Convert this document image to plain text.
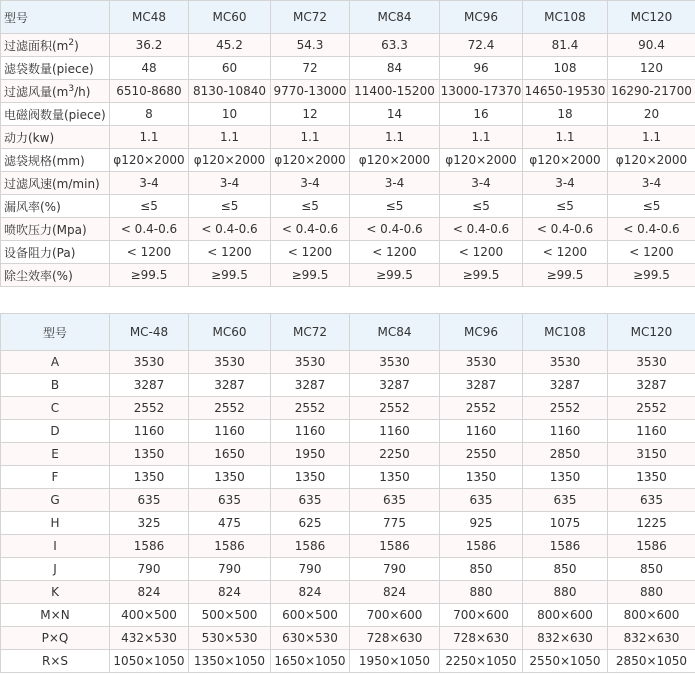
型号	MC48	MC60	MC72	MC84	MC96	MC108	MC120
过滤面积$(m^2)$	36.2	45.2	54.3	63.3	72.4	81.4	90.4
滤袋数量(piece)	48	60	72	84	96	108	120
过滤风量$(m^3/h)$	6510-8680	8130-10840	9770-13000	11400-15200	13000-17370	14650-19530	16290-21700
电磁阀数量(piece)	8	10	12	14	16	18	20
动力(kw)	1.1	1.1	1.1	1.1	1.1	1.1	1.1
滤袋规格(mm)	φ120×2000	φ120×2000	φ120×2000	φ120×2000	φ120×2000	φ120×2000	φ120×2000
过滤风速(m/min)	3-4	3-4	3-4	3-4	3-4	3-4	3-4
漏风率(%)	≤5	≤5	≤5	≤5	≤5	≤5	≤5
喷吹压力(Mpa)	< 0.4-0.6	< 0.4-0.6	< 0.4-0.6	< 0.4-0.6	< 0.4-0.6	< 0.4-0.6	< 0.4-0.6
设备阻力(Pa)	< 1200	< 1200	< 1200	< 1200	< 1200	< 1200	< 1200
除尘效率(%)	≥99.5	≥99.5	≥99.5	≥99.5	≥99.5	≥99.5	≥99.5
型号	MC-48	MC60	MC72	MC84	MC96	MC108	MC120
A	3530	3530	3530	3530	3530	3530	3530
B	3287	3287	3287	3287	3287	3287	3287
C	2552	2552	2552	2552	2552	2552	2552
D	1160	1160	1160	1160	1160	1160	1160
E	1350	1650	1950	2250	2550	2850	3150
F	1350	1350	1350	1350	1350	1350	1350
G	635	635	635	635	635	635	635
H	325	475	625	775	925	1075	1225
I	1586	1586	1586	1586	1586	1586	1586
J	790	790	790	790	850	850	850
K	824	824	824	824	880	880	880
M×N	400×500	500×500	600×500	700×600	700×600	800×600	800×600
P×Q	432×530	530×530	630×530	728×630	728×630	832×630	832×630
R×S	1050×1050	1350×1050	1650×1050	1950×1050	2250×1050	2550×1050	2850×1050
